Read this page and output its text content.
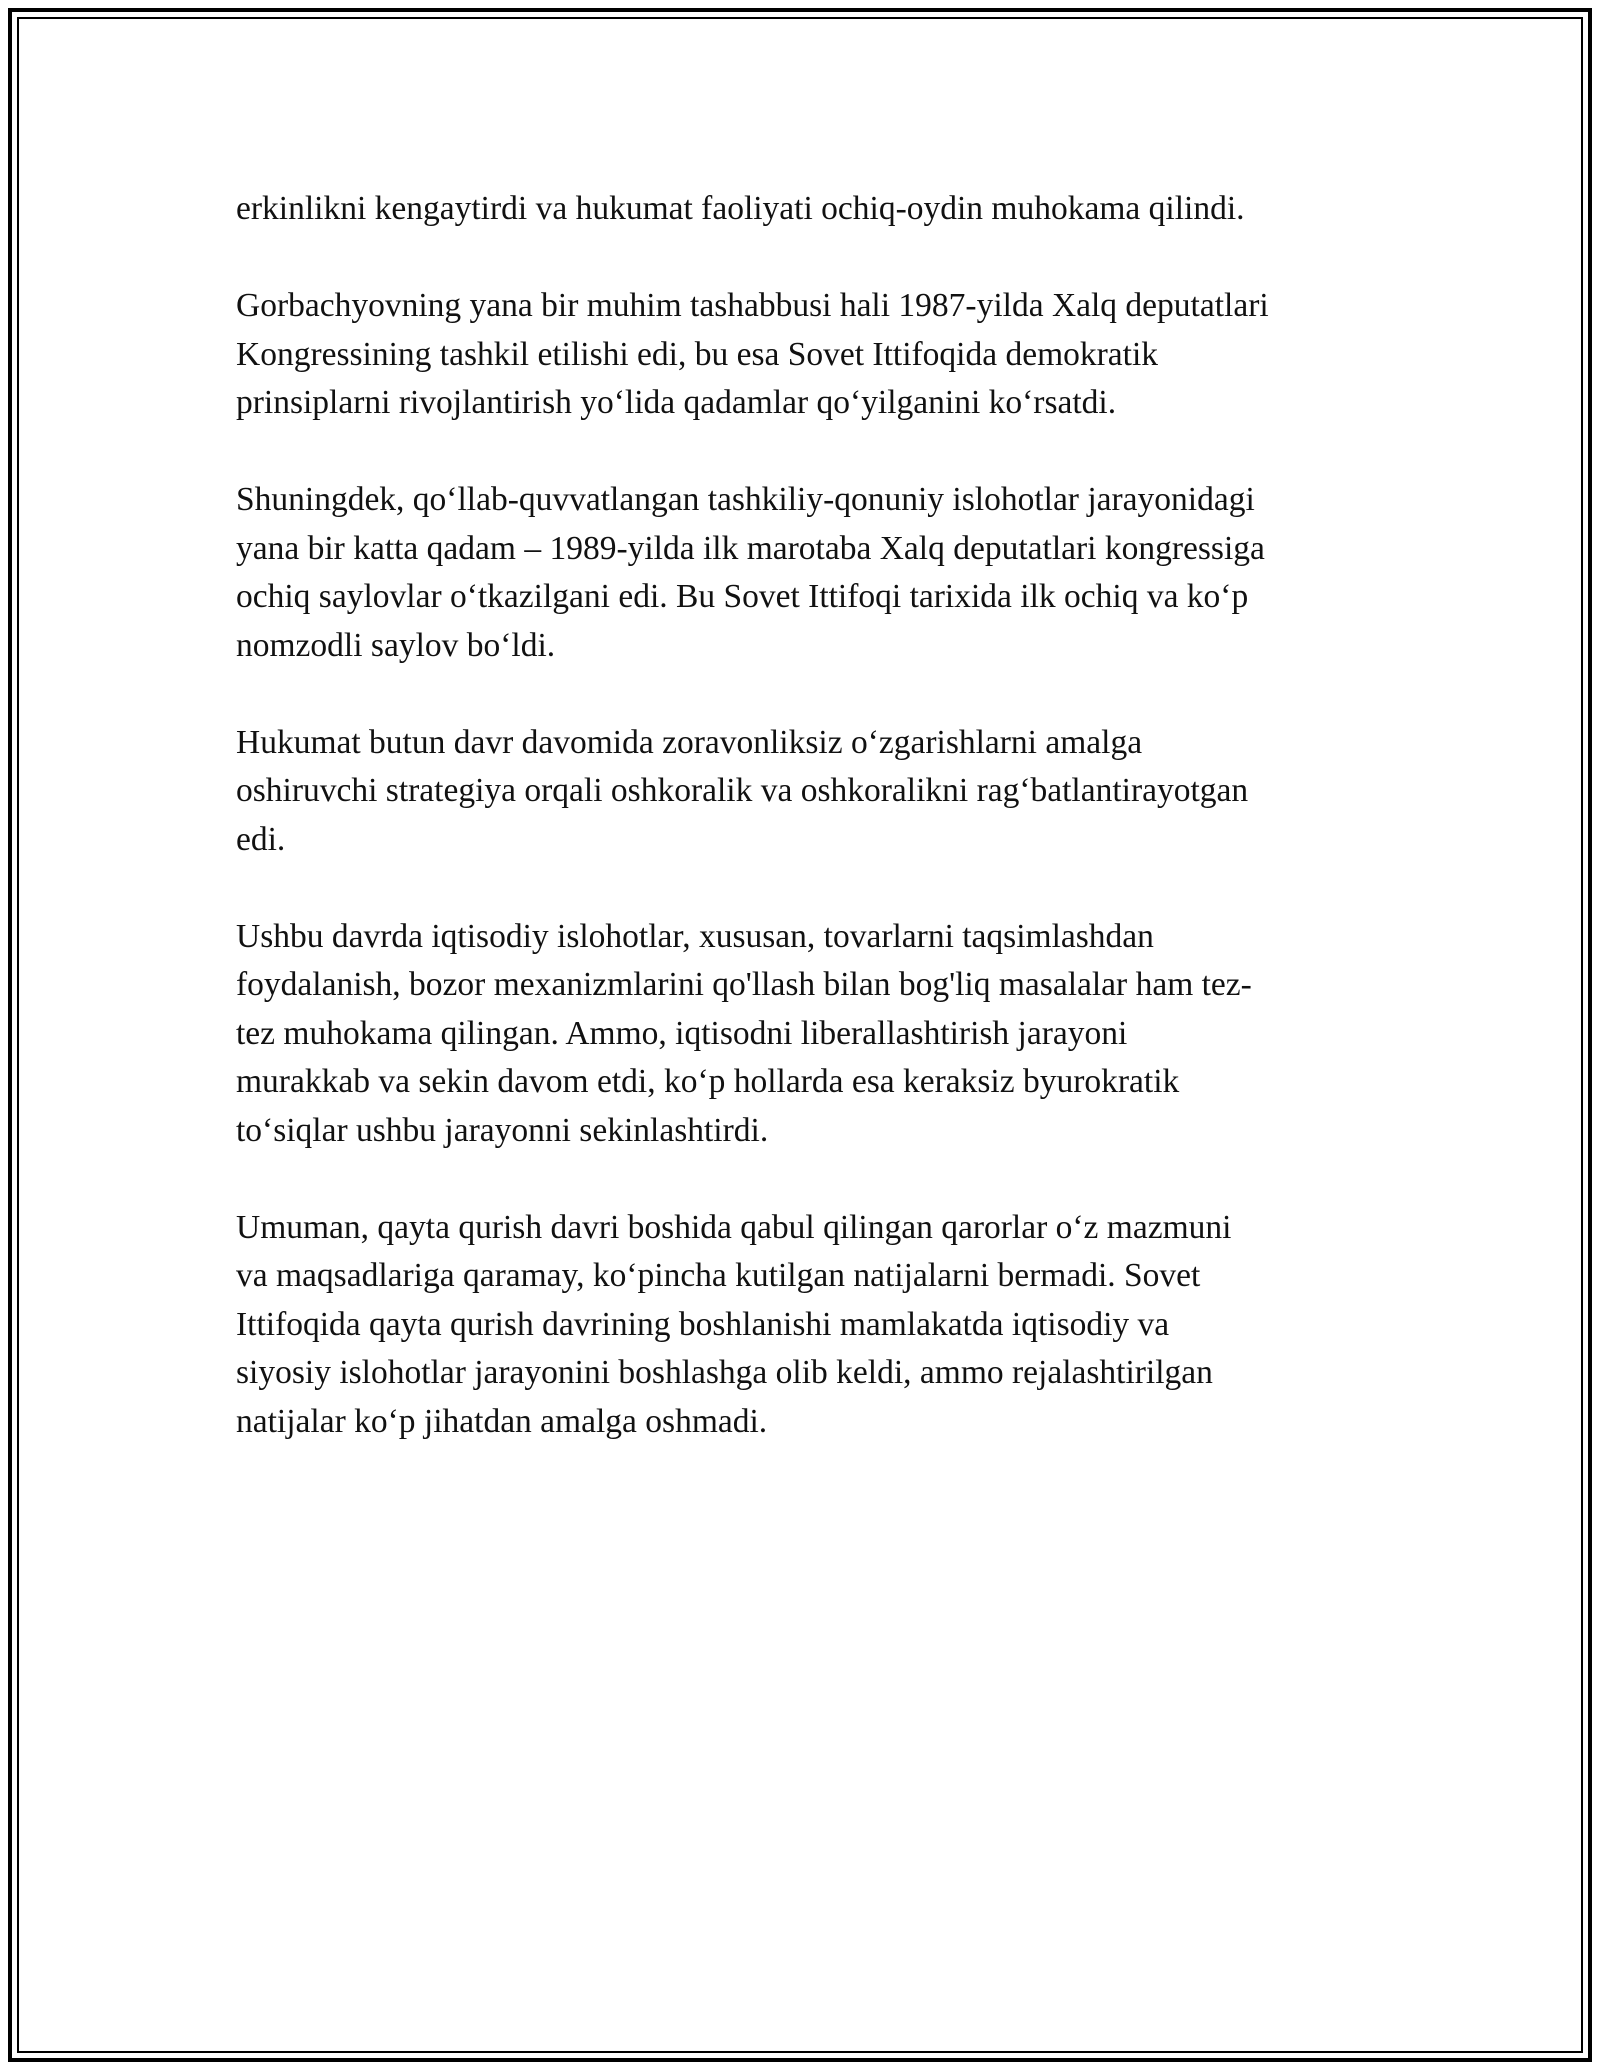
erkinlikni kengaytirdi va hukumat faoliyati ochiq-oydin muhokama qilindi.

Gorbachyovning yana bir muhim tashabbusi hali 1987-yilda Xalq deputatlari
Kongressining tashkil etilishi edi, bu esa Sovet Ittifoqida demokratik
prinsiplarni rivojlantirish yoʻlida qadamlar qoʻyilganini koʻrsatdi.

Shuningdek, qoʻllab-quvvatlangan tashkiliy-qonuniy islohotlar jarayonidagi
yana bir katta qadam – 1989-yilda ilk marotaba Xalq deputatlari kongressiga
ochiq saylovlar oʻtkazilgani edi. Bu Sovet Ittifoqi tarixida ilk ochiq va koʻp
nomzodli saylov boʻldi.

Hukumat butun davr davomida zoravonliksiz oʻzgarishlarni amalga
oshiruvchi strategiya orqali oshkoralik va oshkoralikni ragʻbatlantirayotgan
edi.

Ushbu davrda iqtisodiy islohotlar, xususan, tovarlarni taqsimlashdan
foydalanish, bozor mexanizmlarini qo'llash bilan bog'liq masalalar ham tez-
tez muhokama qilingan. Ammo, iqtisodni liberallashtirish jarayoni
murakkab va sekin davom etdi, koʻp hollarda esa keraksiz byurokratik
toʻsiqlar ushbu jarayonni sekinlashtirdi.

Umuman, qayta qurish davri boshida qabul qilingan qarorlar oʻz mazmuni
va maqsadlariga qaramay, koʻpincha kutilgan natijalarni bermadi. Sovet
Ittifoqida qayta qurish davrining boshlanishi mamlakatda iqtisodiy va
siyosiy islohotlar jarayonini boshlashga olib keldi, ammo rejalashtirilgan
natijalar koʻp jihatdan amalga oshmadi.
